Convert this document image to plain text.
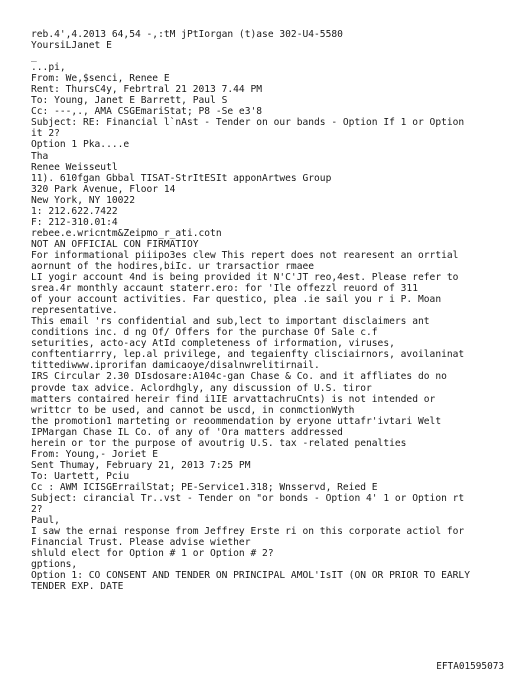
reb.4',4.2013 64,54 -,:tM jPtIorgan (t)ase 302-U4-5580
YoursiLJanet E
_
...pi,
From: We,$senci, Renee E
Rent: ThursC4y, Febrtral 21 2013 7.44 PM
To: Young, Janet E Barrett, Paul S
Cc: ---,., AMA CSGEmariStat; P8 -Se e3'8
Subject: RE: Financial l`nAst - Tender on our bands - Option If 1 or Option
it 2?
Option 1 Pka....e
Tha
Renee Weisseutl
11). 610fgan Gbbal TISAT-StrItESIt apponArtwes Group
320 Park Avenue, Floor 14
New York, NY 10022
1: 212.622.7422
F: 212-310.01:4
rebee.e.wricntm&Zeipmo_r_ati.cotn
NOT AN OFFICIAL CON FIRMATIOY
For informational piiipo3es clew This repert does not rearesent an orrtial
aornunt of the hodires,biIc. ur trarsactior rmaee
LI yogir account 4nd is being provided it N'C'JT reo,4est. Please refer to
srea.4r monthly accaunt staterr.ero: for 'Ile offezzl reuord of 311
of your account activities. Far questico, plea .ie sail you r i P. Moan
representative.
This email 'rs confidential and sub,lect to important disclaimers ant
conditions inc. d ng Of/ Offers for the purchase Of Sale c.f
seturities, acto-acy AtId completeness of irformation, viruses,
conftentiarrry, lep.al privilege, and tegaienfty clisciairnors, avoilaninat
tittediwww.iprorifan damicaoye/disalnwrelitirnail.
IRS Circular 2.30 DIsdosare:A104c-gan Chase & Co. and it affliates do no
provde tax advice. Aclordhgly, any discussion of U.S. tiror
matters contaired hereir find i1IE arvattachruCnts) is not intended or
writtcr to be used, and cannot be uscd, in conmctionWyth
the promotion1 marteting or reoommendation by eryone uttafr'ivtari Welt
IPMargan Chase IL Co. of any of 'Ora matters addressed
herein or tor the purpose of avoutrig U.S. tax -related penalties
From: Young,- Joriet E
Sent Thumay, February 21, 2013 7:25 PM
To: Uartett, Pciu
Cc : AWM ICISGErrailStat; PE-Service1.318; Wnsservd, Reied E
Subject: cirancial Tr..vst - Tender on "or bonds - Option 4' 1 or Option rt
2?
Paul,
I saw the ernai response from Jeffrey Erste ri on this corporate actiol for
Financial Trust. Please advise wiether
shluld elect for Option # 1 or Option # 2?
gptions,
Option 1: CO CONSENT AND TENDER ON PRINCIPAL AMOL'IsIT (ON OR PRIOR TO EARLY
TENDER EXP. DATE
EFTA01595073
